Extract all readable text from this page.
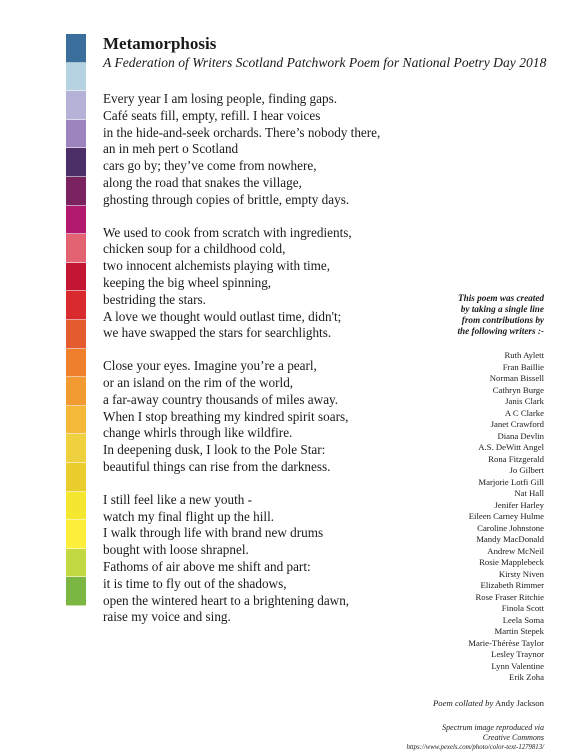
Metamorphosis

A Federation of Writers Scotland Patchwork Poem for National Poetry Day 2018

Every year I am losing people, finding gaps.
Café seats fill, empty, refill. I hear voices
in the hide-and-seek orchards. There’s nobody there,
an in meh pert o Scotland
cars go by; they’ve come from nowhere,
along the road that snakes the village,
ghosting through copies of brittle, empty days.
We used to cook from scratch with ingredients,
chicken soup for a childhood cold,
two innocent alchemists playing with time,
keeping the big wheel spinning,
bestriding the stars.
A love we thought would outlast time, didn't;
we have swapped the stars for searchlights.
Close your eyes. Imagine you’re a pearl,
or an island on the rim of the world,
a far-away country thousands of miles away.
When I stop breathing my kindred spirit soars,
change whirls through like wildfire.
In deepening dusk, I look to the Pole Star:
beautiful things can rise from the darkness.
I still feel like a new youth -
watch my final flight up the hill.
I walk through life with brand new drums
bought with loose shrapnel.
Fathoms of air above me shift and part:
it is time to fly out of the shadows,
open the wintered heart to a brightening dawn,
raise my voice and sing.
This poem was created
by taking a single line
from contributions by
the following writers :-
Ruth Aylett
Fran Baillie
Norman Bissell
Cathryn Burge
Janis Clark
A C Clarke
Janet Crawford
Diana Devlin
A.S. DeWitt Angel
Rona Fitzgerald
Jo Gilbert
Marjorie Lotfi Gill
Nat Hall
Jenifer Harley
Eileen Carney Hulme
Caroline Johnstone
Mandy MacDonald
Andrew McNeil
Rosie Mapplebeck
Kirsty Niven
Elizabeth Rimmer
Rose Fraser Ritchie
Finola Scott
Leela Soma
Martin Stepek
Marie-Thérèse Taylor
Lesley Traynor
Lynn Valentine
Erik Zoha
Poem collated by Andy Jackson
Spectrum image reproduced via
Creative Commons
https://www.pexels.com/photo/color-text-1279813/
